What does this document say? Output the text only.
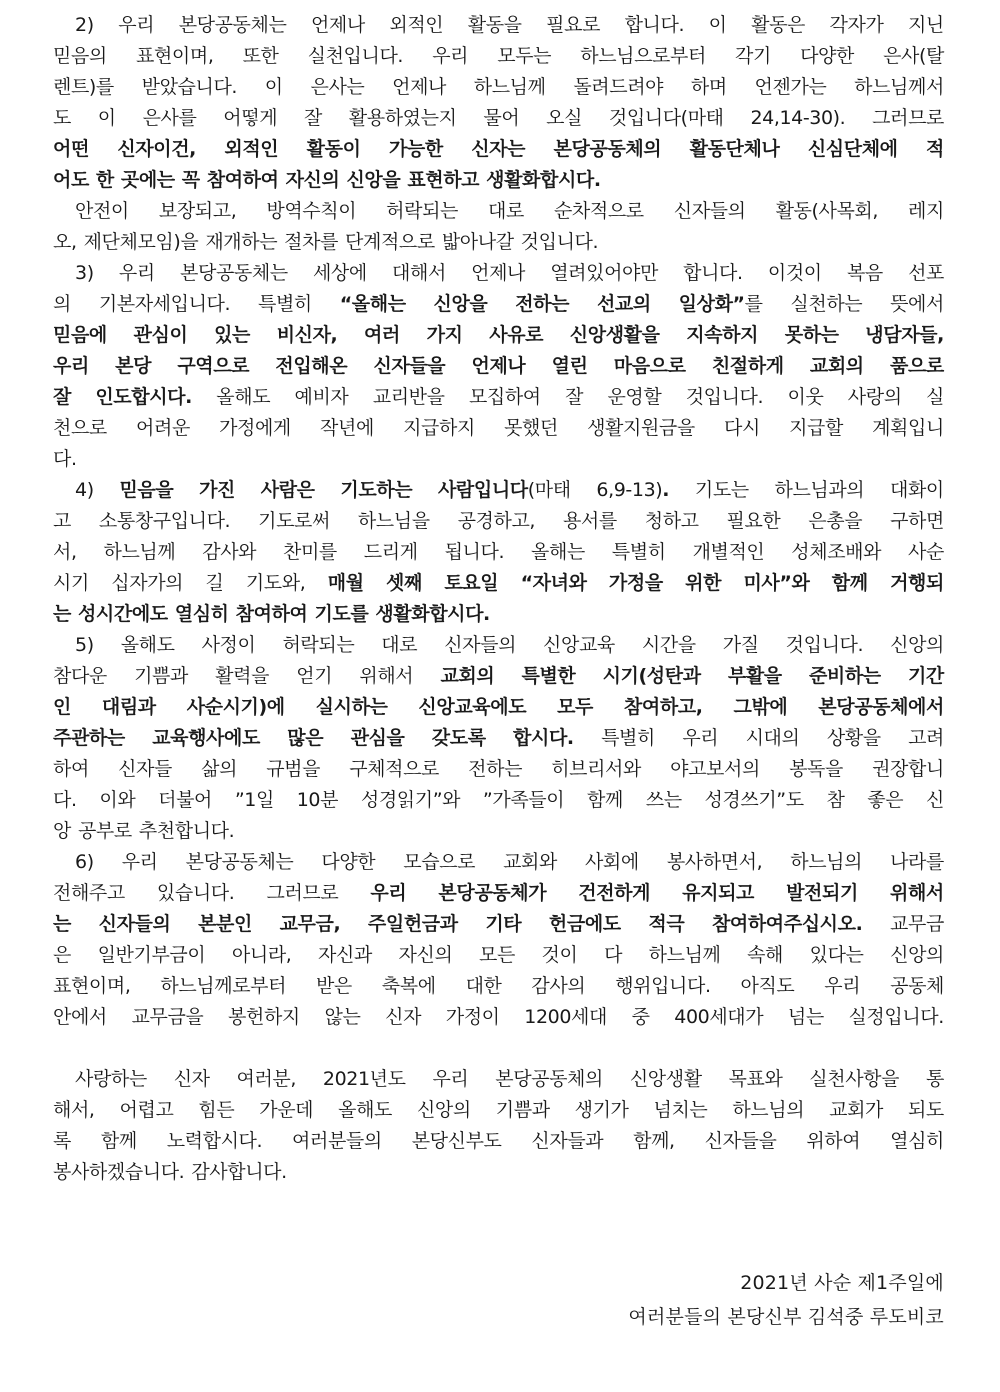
2) 우리 본당공동체는 언제나 외적인 활동을 필요로 합니다. 이 활동은 각자가 지닌
믿음의 표현이며, 또한 실천입니다. 우리 모두는 하느님으로부터 각기 다양한 은사(탈
렌트)를 받았습니다. 이 은사는 언제나 하느님께 돌려드려야 하며 언젠가는 하느님께서
도 이 은사를 어떻게 잘 활용하였는지 물어 오실 것입니다(마태 24,14-30). 그러므로
어떤 신자이건, 외적인 활동이 가능한 신자는 본당공동체의 활동단체나 신심단체에 적
어도 한 곳에는 꼭 참여하여 자신의 신앙을 표현하고 생활화합시다.
안전이 보장되고, 방역수칙이 허락되는 대로 순차적으로 신자들의 활동(사목회, 레지
오, 제단체모임)을 재개하는 절차를 단계적으로 밟아나갈 것입니다.
3) 우리 본당공동체는 세상에 대해서 언제나 열려있어야만 합니다. 이것이 복음 선포
의 기본자세입니다. 특별히 “올해는 신앙을 전하는 선교의 일상화”를 실천하는 뜻에서
믿음에 관심이 있는 비신자, 여러 가지 사유로 신앙생활을 지속하지 못하는 냉담자들,
우리 본당 구역으로 전입해온 신자들을 언제나 열린 마음으로 친절하게 교회의 품으로
잘 인도합시다. 올해도 예비자 교리반을 모집하여 잘 운영할 것입니다. 이웃 사랑의 실
천으로 어려운 가정에게 작년에 지급하지 못했던 생활지원금을 다시 지급할 계획입니
다.
4) 믿음을 가진 사람은 기도하는 사람입니다(마태 6,9-13). 기도는 하느님과의 대화이
고 소통창구입니다. 기도로써 하느님을 공경하고, 용서를 청하고 필요한 은총을 구하면
서, 하느님께 감사와 찬미를 드리게 됩니다. 올해는 특별히 개별적인 성체조배와 사순
시기 십자가의 길 기도와, 매월 셋째 토요일 “자녀와 가정을 위한 미사”와 함께 거행되
는 성시간에도 열심히 참여하여 기도를 생활화합시다.
5) 올해도 사정이 허락되는 대로 신자들의 신앙교육 시간을 가질 것입니다. 신앙의
참다운 기쁨과 활력을 얻기 위해서 교회의 특별한 시기(성탄과 부활을 준비하는 기간
인 대림과 사순시기)에 실시하는 신앙교육에도 모두 참여하고, 그밖에 본당공동체에서
주관하는 교육행사에도 많은 관심을 갖도록 합시다. 특별히 우리 시대의 상황을 고려
하여 신자들 삶의 규범을 구체적으로 전하는 히브리서와 야고보서의 봉독을 권장합니
다. 이와 더불어 ”1일 10분 성경읽기”와 ”가족들이 함께 쓰는 성경쓰기”도 참 좋은 신
앙 공부로 추천합니다.
6) 우리 본당공동체는 다양한 모습으로 교회와 사회에 봉사하면서, 하느님의 나라를
전해주고 있습니다. 그러므로 우리 본당공동체가 건전하게 유지되고 발전되기 위해서
는 신자들의 본분인 교무금, 주일헌금과 기타 헌금에도 적극 참여하여주십시오. 교무금
은 일반기부금이 아니라, 자신과 자신의 모든 것이 다 하느님께 속해 있다는 신앙의
표현이며, 하느님께로부터 받은 축복에 대한 감사의 행위입니다. 아직도 우리 공동체
안에서 교무금을 봉헌하지 않는 신자 가정이 1200세대 중 400세대가 넘는 실정입니다.
사랑하는 신자 여러분, 2021년도 우리 본당공동체의 신앙생활 목표와 실천사항을 통
해서, 어렵고 힘든 가운데 올해도 신앙의 기쁨과 생기가 넘치는 하느님의 교회가 되도
록 함께 노력합시다. 여러분들의 본당신부도 신자들과 함께, 신자들을 위하여 열심히
봉사하겠습니다. 감사합니다.
2021년 사순 제1주일에
여러분들의 본당신부 김석중 루도비코
